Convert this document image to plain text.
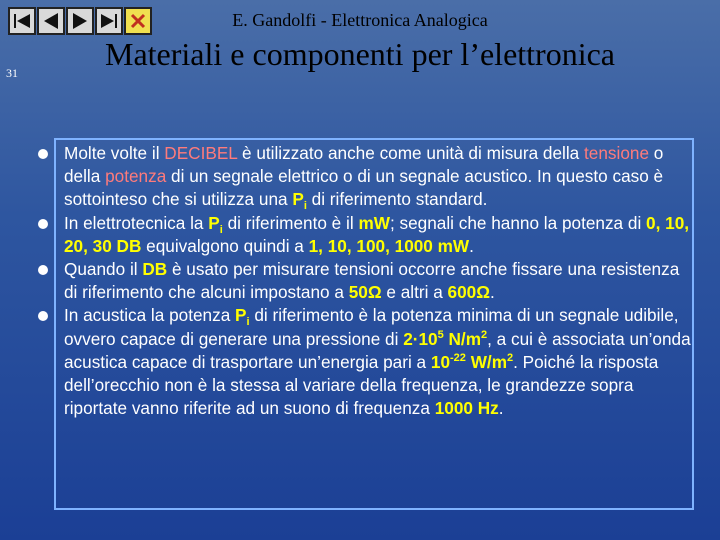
E. Gandolfi - Elettronica Analogica
31
Materiali e componenti per l’elettronica
Molte volte il DECIBEL è utilizzato anche come unità di misura della tensione o della potenza di un segnale elettrico o di un segnale acustico. In questo caso è sottointeso che si utilizza una $P_i$ di riferimento standard.
In elettrotecnica la $P_i$ di riferimento è il mW; segnali che hanno la potenza di 0, 10, 20, 30 DB equivalgono quindi a 1, 10, 100, 1000 mW.
Quando il DB è usato per misurare tensioni occorre anche fissare una resistenza di riferimento che alcuni impostano a 50Ω e altri a 600Ω.
In acustica la potenza $P_i$ di riferimento è la potenza minima di un segnale udibile, ovvero capace di generare una pressione di $2\cdot 10^5$ $N/m^2$, a cui è associata un’onda acustica capace di trasportare un’energia pari a $10^{-22}$ $W/m^2$. Poiché la risposta dell’orecchio non è la stessa al variare della frequenza, le grandezze sopra riportate vanno riferite ad un suono di frequenza 1000 Hz.
